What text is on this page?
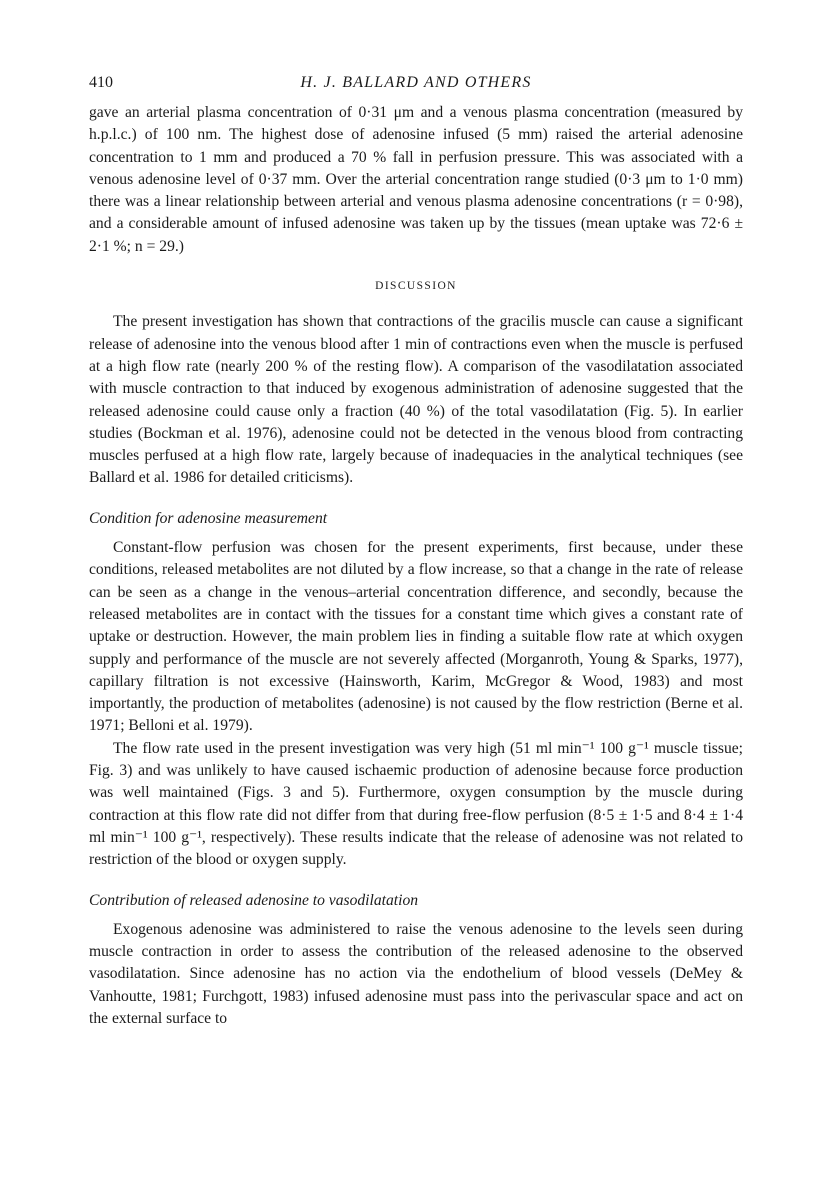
410	H. J. BALLARD AND OTHERS

gave an arterial plasma concentration of 0·31 μm and a venous plasma concentration (measured by h.p.l.c.) of 100 nm. The highest dose of adenosine infused (5 mm) raised the arterial adenosine concentration to 1 mm and produced a 70 % fall in perfusion pressure. This was associated with a venous adenosine level of 0·37 mm. Over the arterial concentration range studied (0·3 μm to 1·0 mm) there was a linear relationship between arterial and venous plasma adenosine concentrations (r = 0·98), and a considerable amount of infused adenosine was taken up by the tissues (mean uptake was 72·6 ± 2·1 %; n = 29.)

DISCUSSION

The present investigation has shown that contractions of the gracilis muscle can cause a significant release of adenosine into the venous blood after 1 min of contractions even when the muscle is perfused at a high flow rate (nearly 200 % of the resting flow). A comparison of the vasodilatation associated with muscle contraction to that induced by exogenous administration of adenosine suggested that the released adenosine could cause only a fraction (40 %) of the total vasodilatation (Fig. 5). In earlier studies (Bockman et al. 1976), adenosine could not be detected in the venous blood from contracting muscles perfused at a high flow rate, largely because of inadequacies in the analytical techniques (see Ballard et al. 1986 for detailed criticisms).

Condition for adenosine measurement

Constant-flow perfusion was chosen for the present experiments, first because, under these conditions, released metabolites are not diluted by a flow increase, so that a change in the rate of release can be seen as a change in the venous–arterial concentration difference, and secondly, because the released metabolites are in contact with the tissues for a constant time which gives a constant rate of uptake or destruction. However, the main problem lies in finding a suitable flow rate at which oxygen supply and performance of the muscle are not severely affected (Morganroth, Young & Sparks, 1977), capillary filtration is not excessive (Hainsworth, Karim, McGregor & Wood, 1983) and most importantly, the production of metabolites (adenosine) is not caused by the flow restriction (Berne et al. 1971; Belloni et al. 1979).

The flow rate used in the present investigation was very high (51 ml min⁻¹ 100 g⁻¹ muscle tissue; Fig. 3) and was unlikely to have caused ischaemic production of adenosine because force production was well maintained (Figs. 3 and 5). Furthermore, oxygen consumption by the muscle during contraction at this flow rate did not differ from that during free-flow perfusion (8·5 ± 1·5 and 8·4 ± 1·4 ml min⁻¹ 100 g⁻¹, respectively). These results indicate that the release of adenosine was not related to restriction of the blood or oxygen supply.

Contribution of released adenosine to vasodilatation

Exogenous adenosine was administered to raise the venous adenosine to the levels seen during muscle contraction in order to assess the contribution of the released adenosine to the observed vasodilatation. Since adenosine has no action via the endothelium of blood vessels (DeMey & Vanhoutte, 1981; Furchgott, 1983) infused adenosine must pass into the perivascular space and act on the external surface to
